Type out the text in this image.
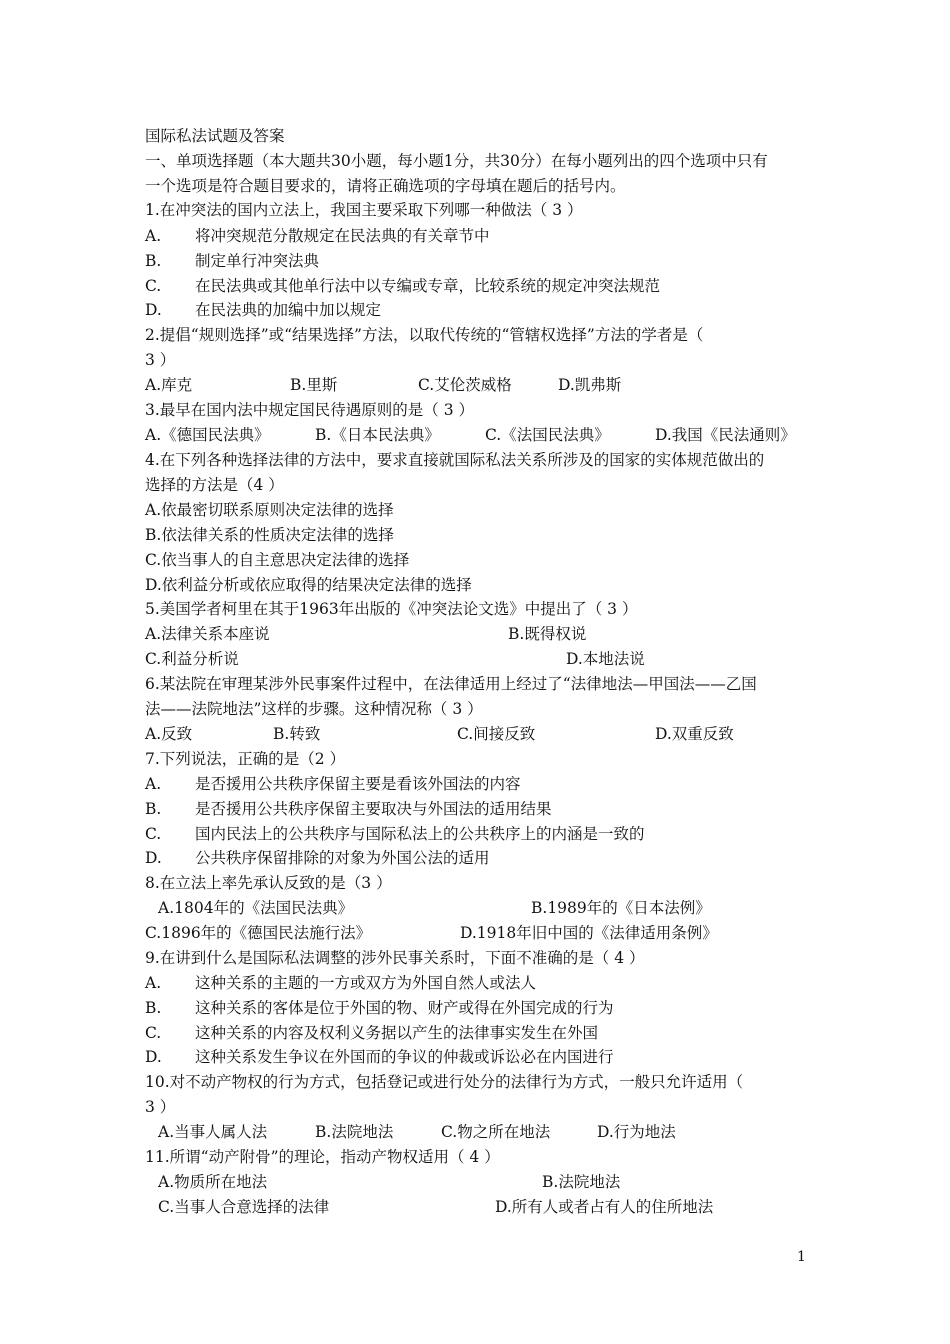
国际私法试题及答案
一、单项选择题（本大题共30小题，每小题1分，共30分）在每小题列出的四个选项中只有
一个选项是符合题目要求的，请将正确选项的字母填在题后的括号内。
1.在冲突法的国内立法上，我国主要采取下列哪一种做法（ 3 ）
A. 将冲突规范分散规定在民法典的有关章节中
B. 制定单行冲突法典
C. 在民法典或其他单行法中以专编或专章，比较系统的规定冲突法规范
D. 在民法典的加编中加以规定
2.提倡“规则选择”或“结果选择”方法，以取代传统的“管辖权选择”方法的学者是（
3 ）
A.库克	B.里斯	C.艾伦茨威格	D.凯弗斯
3.最早在国内法中规定国民待遇原则的是（ 3 ）
A.《德国民法典》	B.《日本民法典》	C.《法国民法典》	D.我国《民法通则》
4.在下列各种选择法律的方法中，要求直接就国际私法关系所涉及的国家的实体规范做出的
选择的方法是（4 ）
A.依最密切联系原则决定法律的选择
B.依法律关系的性质决定法律的选择
C.依当事人的自主意思决定法律的选择
D.依利益分析或依应取得的结果决定法律的选择
5.美国学者柯里在其于1963年出版的《冲突法论文选》中提出了（ 3 ）
A.法律关系本座说	B.既得权说
C.利益分析说	D.本地法说
6.某法院在审理某涉外民事案件过程中，在法律适用上经过了“法律地法—甲国法——乙国
法——法院地法”这样的步骤。这种情况称（ 3 ）
A.反致	B.转致	C.间接反致	D.双重反致
7.下列说法，正确的是（2 ）
A. 是否援用公共秩序保留主要是看该外国法的内容
B. 是否援用公共秩序保留主要取决与外国法的适用结果
C. 国内民法上的公共秩序与国际私法上的公共秩序上的内涵是一致的
D. 公共秩序保留排除的对象为外国公法的适用
8.在立法上率先承认反致的是（3 ）
A.1804年的《法国民法典》	B.1989年的《日本法例》
C.1896年的《德国民法施行法》	D.1918年旧中国的《法律适用条例》
9.在讲到什么是国际私法调整的涉外民事关系时，下面不准确的是（ 4 ）
A. 这种关系的主题的一方或双方为外国自然人或法人
B. 这种关系的客体是位于外国的物、财产或得在外国完成的行为
C. 这种关系的内容及权利义务据以产生的法律事实发生在外国
D. 这种关系发生争议在外国而的争议的仲裁或诉讼必在内国进行
10.对不动产物权的行为方式，包括登记或进行处分的法律行为方式，一般只允许适用（
3 ）
A.当事人属人法	B.法院地法	C.物之所在地法	D.行为地法
11.所谓“动产附骨”的理论，指动产物权适用（ 4 ）
A.物质所在地法	B.法院地法
C.当事人合意选择的法律	D.所有人或者占有人的住所地法
1
